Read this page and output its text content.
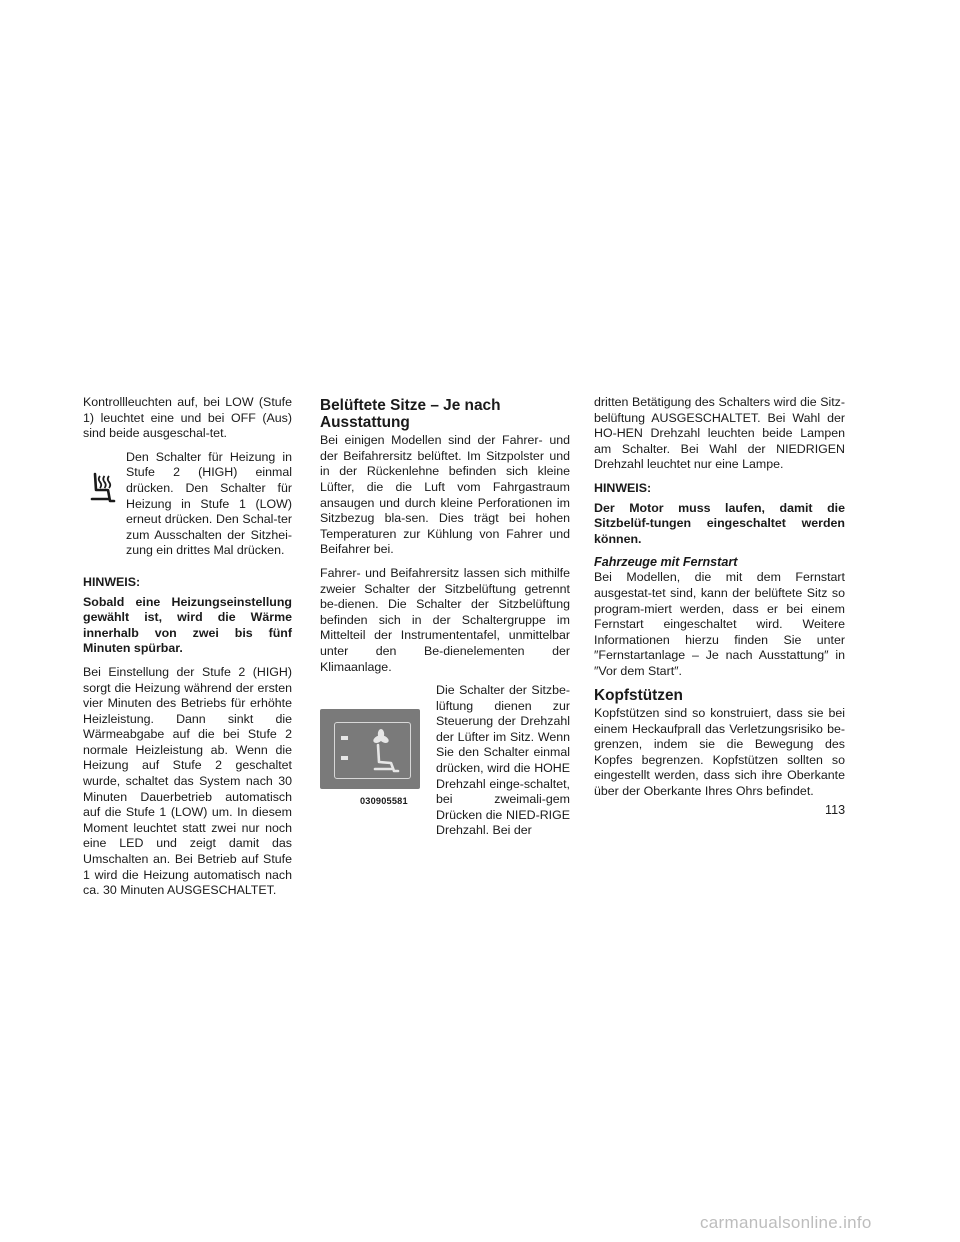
Kontrollleuchten auf, bei LOW (Stufe 1) leuchtet eine und bei OFF (Aus) sind beide ausgeschal-tet.

Den Schalter für Heizung in Stufe 2 (HIGH) einmal drücken. Den Schalter für Heizung in Stufe 1 (LOW) erneut drücken. Den Schal-ter zum Ausschalten der Sitzhei-zung ein drittes Mal drücken.

HINWEIS:

Sobald eine Heizungseinstellung gewählt ist, wird die Wärme innerhalb von zwei bis fünf Minuten spürbar.

Bei Einstellung der Stufe 2 (HIGH) sorgt die Heizung während der ersten vier Minuten des Betriebs für erhöhte Heizleistung. Dann sinkt die Wärmeabgabe auf die bei Stufe 2 normale Heizleistung ab. Wenn die Heizung auf Stufe 2 geschaltet wurde, schaltet das System nach 30 Minuten Dauerbetrieb automatisch auf die Stufe 1 (LOW) um. In diesem Moment leuchtet statt zwei nur noch eine LED und zeigt damit das Umschalten an. Bei Betrieb auf Stufe 1 wird die Heizung automatisch nach ca. 30 Minuten AUSGESCHALTET.

Belüftete Sitze – Je nach Ausstattung

Bei einigen Modellen sind der Fahrer- und der Beifahrersitz belüftet. Im Sitzpolster und in der Rückenlehne befinden sich kleine Lüfter, die die Luft vom Fahrgastraum ansaugen und durch kleine Perforationen im Sitzbezug bla-sen. Dies trägt bei hohen Temperaturen zur Kühlung von Fahrer und Beifahrer bei.

Fahrer- und Beifahrersitz lassen sich mithilfe zweier Schalter der Sitzbelüftung getrennt be-dienen. Die Schalter der Sitzbelüftung befinden sich in der Schaltergruppe im Mittelteil der Instrumententafel, unmittelbar unter den Be-dienelementen der Klimaanlage.

030905581

Die Schalter der Sitzbe-lüftung dienen zur Steuerung der Drehzahl der Lüfter im Sitz. Wenn Sie den Schalter einmal drücken, wird die HOHE Drehzahl einge-schaltet, bei zweimali-gem Drücken die NIED-RIGE Drehzahl. Bei der

dritten Betätigung des Schalters wird die Sitz-belüftung AUSGESCHALTET. Bei Wahl der HO-HEN Drehzahl leuchten beide Lampen am Schalter. Bei Wahl der NIEDRIGEN Drehzahl leuchtet nur eine Lampe.

HINWEIS:

Der Motor muss laufen, damit die Sitzbelüf-tungen eingeschaltet werden können.

Fahrzeuge mit Fernstart

Bei Modellen, die mit dem Fernstart ausgestat-tet sind, kann der belüftete Sitz so program-miert werden, dass er bei einem Fernstart eingeschaltet wird. Weitere Informationen hierzu finden Sie unter ″Fernstartanlage – Je nach Ausstattung″ in ″Vor dem Start″.

Kopfstützen

Kopfstützen sind so konstruiert, dass sie bei einem Heckaufprall das Verletzungsrisiko be-grenzen, indem sie die Bewegung des Kopfes begrenzen. Kopfstützen sollten so eingestellt werden, dass sich ihre Oberkante über der Oberkante Ihres Ohrs befindet.

113
carmanualsonline.info
